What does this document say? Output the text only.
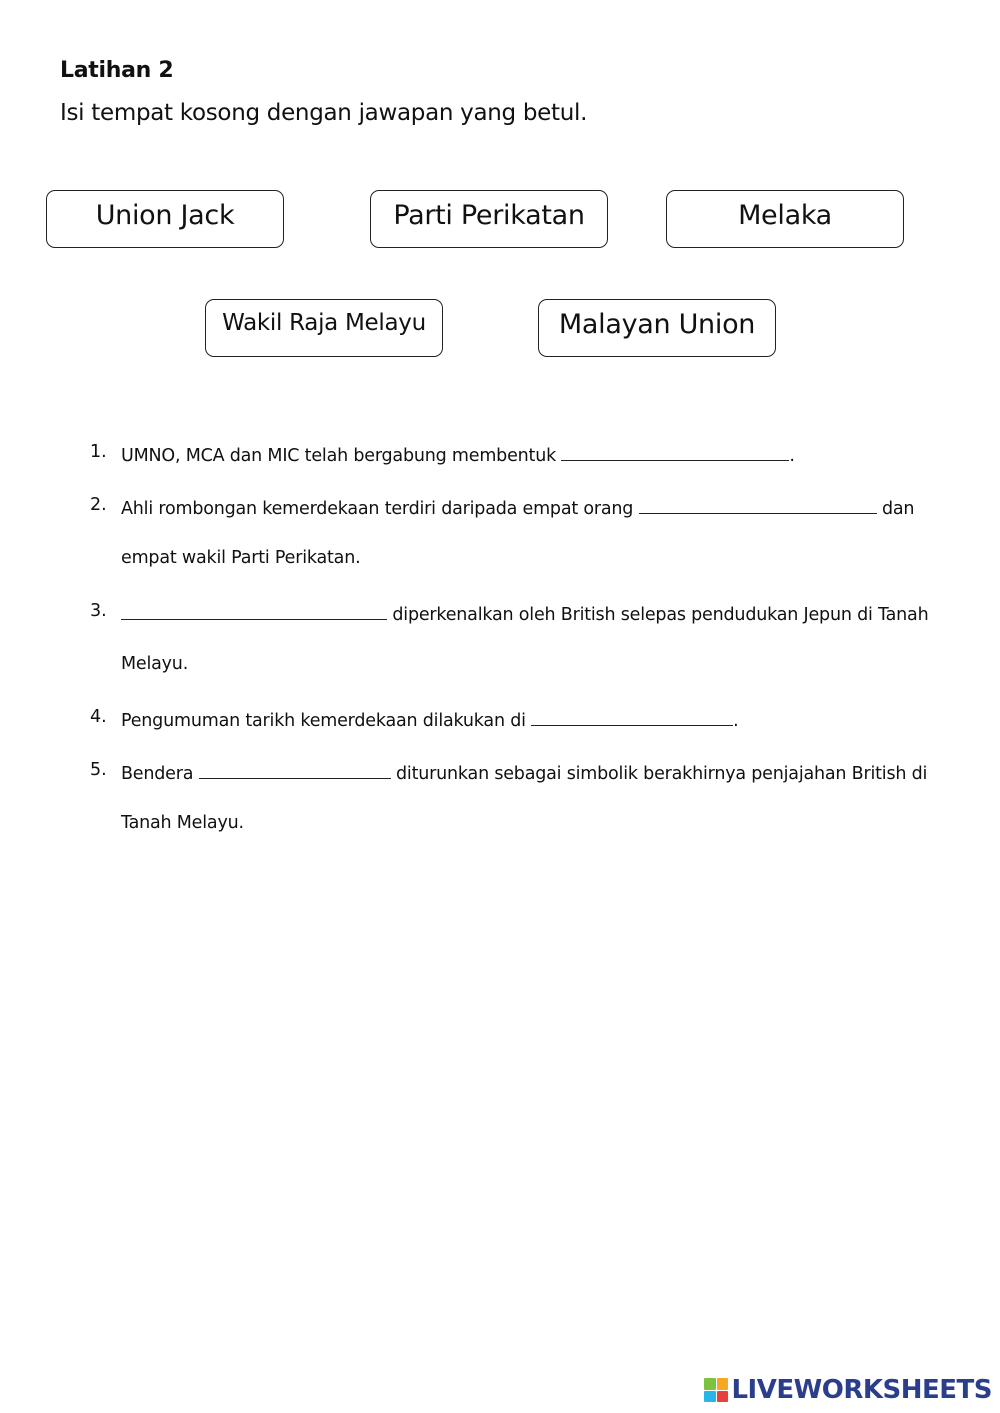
Latihan 2
Isi tempat kosong dengan jawapan yang betul.
Union Jack	Parti Perikatan	Melaka
Wakil Raja Melayu	Malayan Union
1. UMNO, MCA dan MIC telah bergabung membentuk	.
2. Ahli rombongan kemerdekaan terdiri daripada empat orang	dan
empat wakil Parti Perikatan.
3.	diperkenalkan oleh British selepas pendudukan Jepun di Tanah
Melayu.
4. Pengumuman tarikh kemerdekaan dilakukan di	.
5. Bendera	diturunkan sebagai simbolik berakhirnya penjajahan British di
Tanah Melayu.
LIVEWORKSHEETS
